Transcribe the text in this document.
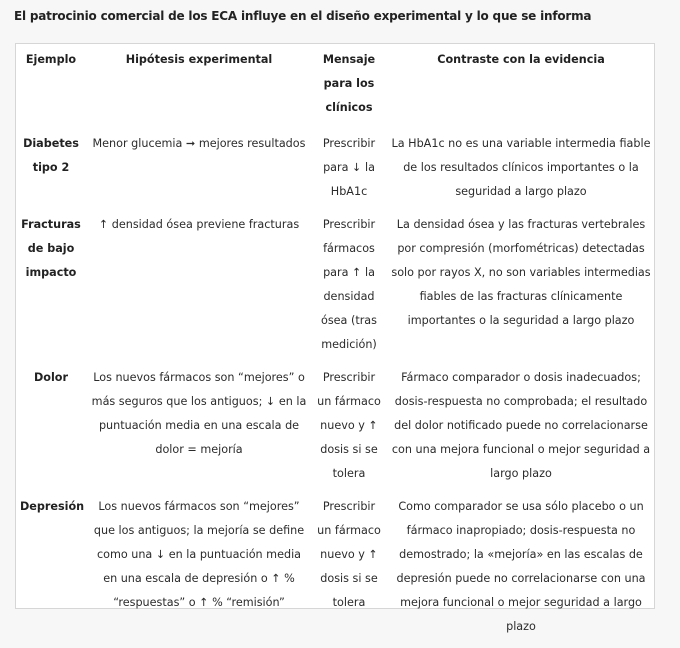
El patrocinio comercial de los ECA influye en el diseño experimental y lo que se informa
Ejemplo	Hipótesis experimental	Mensaje para los clínicos	Contraste con la evidencia
Diabetes tipo 2	Menor glucemia ➞ mejores resultados	Prescribir para ↓ la HbA1c	La HbA1c no es una variable intermedia fiable de los resultados clínicos importantes o la seguridad a largo plazo
Fracturas de bajo impacto	↑ densidad ósea previene fracturas	Prescribir fármacos para ↑ la densidad ósea (tras medición)	La densidad ósea y las fracturas vertebrales por compresión (morfométricas) detectadas solo por rayos X, no son variables intermedias fiables de las fracturas clínicamente importantes o la seguridad a largo plazo
Dolor	Los nuevos fármacos son “mejores” o más seguros que los antiguos; ↓ en la puntuación media en una escala de dolor = mejoría	Prescribir un fármaco nuevo y ↑ dosis si se tolera	Fármaco comparador o dosis inadecuados; dosis-respuesta no comprobada; el resultado del dolor notificado puede no correlacionarse con una mejora funcional o mejor seguridad a largo plazo
Depresión	Los nuevos fármacos son “mejores” que los antiguos; la mejoría se define como una ↓ en la puntuación media en una escala de depresión o ↑ % “respuestas” o ↑ % “remisión”	Prescribir un fármaco nuevo y ↑ dosis si se tolera	Como comparador se usa sólo placebo o un fármaco inapropiado; dosis-respuesta no demostrado; la «mejoría» en las escalas de depresión puede no correlacionarse con una mejora funcional o mejor seguridad a largo plazo
